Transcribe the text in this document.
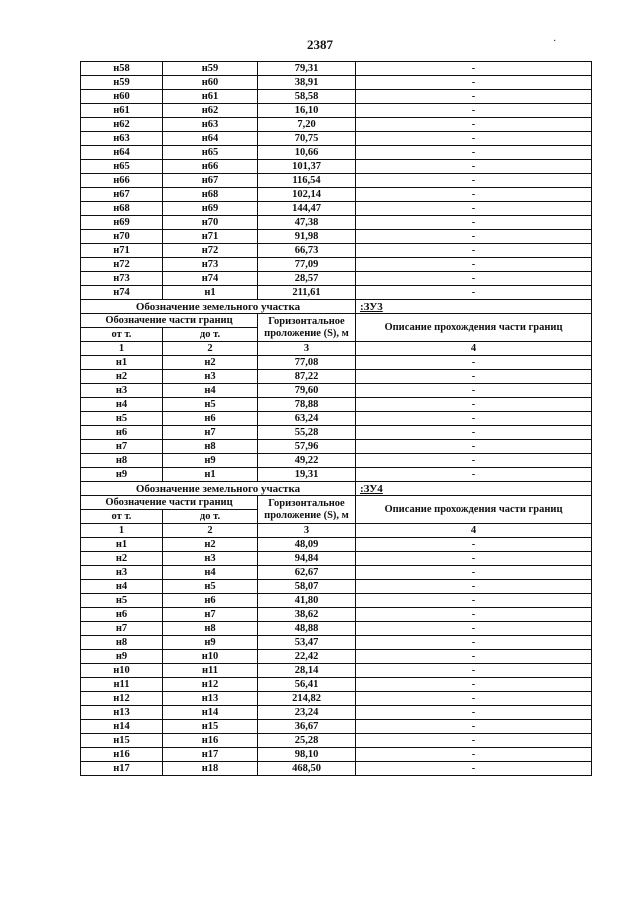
2387	·
н58	н59	79,31	-
н59	н60	38,91	-
н60	н61	58,58	-
н61	н62	16,10	-
н62	н63	7,20	-
н63	н64	70,75	-
н64	н65	10,66	-
н65	н66	101,37	-
н66	н67	116,54	-
н67	н68	102,14	-
н68	н69	144,47	-
н69	н70	47,38	-
н70	н71	91,98	-
н71	н72	66,73	-
н72	н73	77,09	-
н73	н74	28,57	-
н74	н1	211,61	-
Обозначение земельного участка			:ЗУ3
Обозначение части границ		Горизонтальное проложение (S), м	Описание прохождения части границ
от т.	до т.		
1	2	3	4
н1	н2	77,08	-
н2	н3	87,22	-
н3	н4	79,60	-
н4	н5	78,88	-
н5	н6	63,24	-
н6	н7	55,28	-
н7	н8	57,96	-
н8	н9	49,22	-
н9	н1	19,31	-
Обозначение земельного участка			:ЗУ4
Обозначение части границ		Горизонтальное проложение (S), м	Описание прохождения части границ
от т.	до т.		
1	2	3	4
н1	н2	48,09	-
н2	н3	94,84	-
н3	н4	62,67	-
н4	н5	58,07	-
н5	н6	41,80	-
н6	н7	38,62	-
н7	н8	48,88	-
н8	н9	53,47	-
н9	н10	22,42	-
н10	н11	28,14	-
н11	н12	56,41	-
н12	н13	214,82	-
н13	н14	23,24	-
н14	н15	36,67	-
н15	н16	25,28	-
н16	н17	98,10	-
н17	н18	468,50	-
